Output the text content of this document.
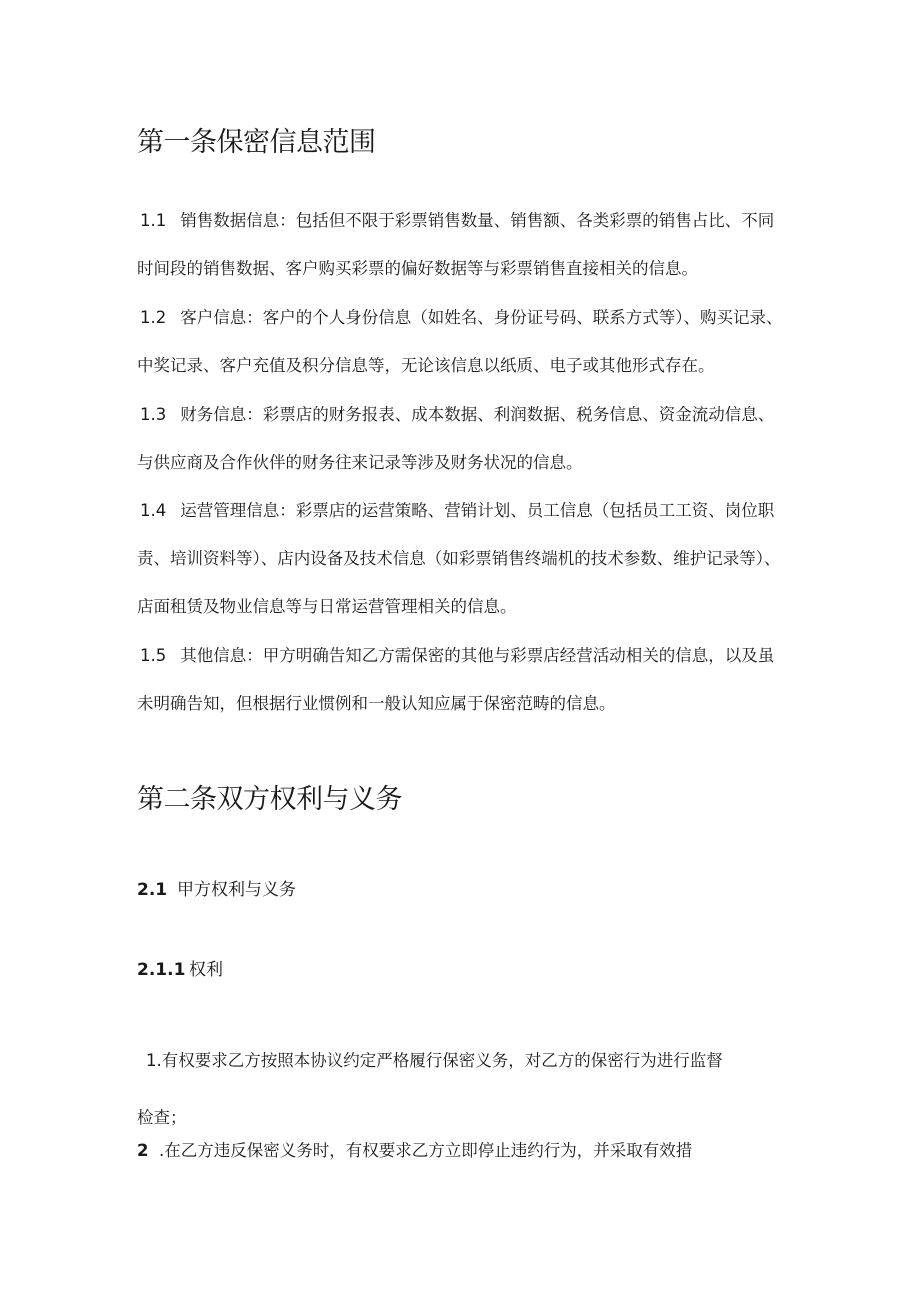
第一条保密信息范围
1.1 销售数据信息：包括但不限于彩票销售数量、销售额、各类彩票的销售占比、不同时间段的销售数据、客户购买彩票的偏好数据等与彩票销售直接相关的信息。
1.2 客户信息：客户的个人身份信息（如姓名、身份证号码、联系方式等）、购买记录、中奖记录、客户充值及积分信息等，无论该信息以纸质、电子或其他形式存在。
1.3 财务信息：彩票店的财务报表、成本数据、利润数据、税务信息、资金流动信息、与供应商及合作伙伴的财务往来记录等涉及财务状况的信息。
1.4 运营管理信息：彩票店的运营策略、营销计划、员工信息（包括员工工资、岗位职责、培训资料等）、店内设备及技术信息（如彩票销售终端机的技术参数、维护记录等）、店面租赁及物业信息等与日常运营管理相关的信息。
1.5 其他信息：甲方明确告知乙方需保密的其他与彩票店经营活动相关的信息，以及虽未明确告知，但根据行业惯例和一般认知应属于保密范畴的信息。
第二条双方权利与义务
2.1 甲方权利与义务
2.1.1 权利
1.有权要求乙方按照本协议约定严格履行保密义务，对乙方的保密行为进行监督
检查；
2 .在乙方违反保密义务时，有权要求乙方立即停止违约行为，并采取有效措
